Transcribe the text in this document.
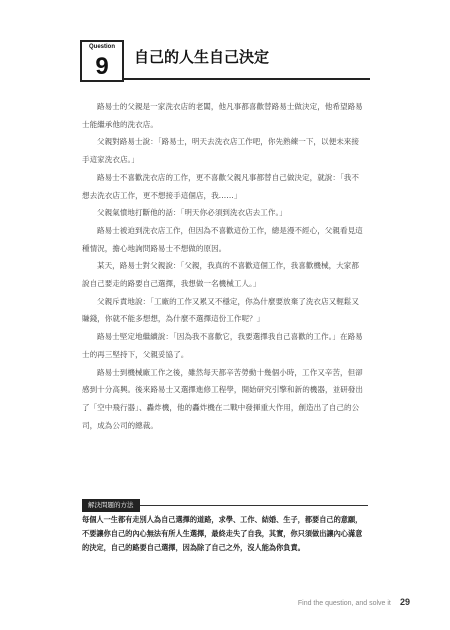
Question
9	自己的人生自己決定

路易士的父親是一家洗衣店的老闆，他凡事都喜歡替路易士做決定，他希望路易士能繼承他的洗衣店。

父親對路易士說：「路易士，明天去洗衣店工作吧，你先熟練一下，以便未來接手這家洗衣店。」

路易士不喜歡洗衣店的工作，更不喜歡父親凡事都替自己做決定，就說：「我不想去洗衣店工作，更不想接手這個店，我……」

父親氣憤地打斷他的話：「明天你必須到洗衣店去工作。」

路易士被迫到洗衣店工作，但因為不喜歡這份工作，總是漫不經心，父親看見這種情況，擔心地詢問路易士不想做的原因。

某天，路易士對父親說：「父親，我真的不喜歡這個工作，我喜歡機械，大家都說自己要走的路要自己選擇，我想做一名機械工人。」

父親斥責地說：「工廠的工作又累又不穩定，你為什麼要放棄了洗衣店又輕鬆又賺錢，你就不能多想想，為什麼不選擇這份工作呢？」

路易士堅定地繼續說：「因為我不喜歡它，我要選擇我自己喜歡的工作。」在路易士的再三堅持下，父親妥協了。

路易士到機械廠工作之後，雖然每天都辛苦勞動十幾個小時，工作又辛苦，但卻感到十分高興。後來路易士又選擇進修工程學，開始研究引擎和新的機器，並研發出了「空中飛行器」、轟炸機，他的轟炸機在二戰中發揮重大作用，創造出了自己的公司，成為公司的總裁。

解決問題的方法

每個人一生都有走別人為自己選擇的道路，求學、工作、結婚、生子，都要自己的意願，不要讓你自己的內心無法有所人生選擇，最終走失了自我，其實，你只須做出讓內心滿意的決定，自己的路要自己選擇，因為除了自己之外，沒人能為你負責。

Find the question, and solve it 29
